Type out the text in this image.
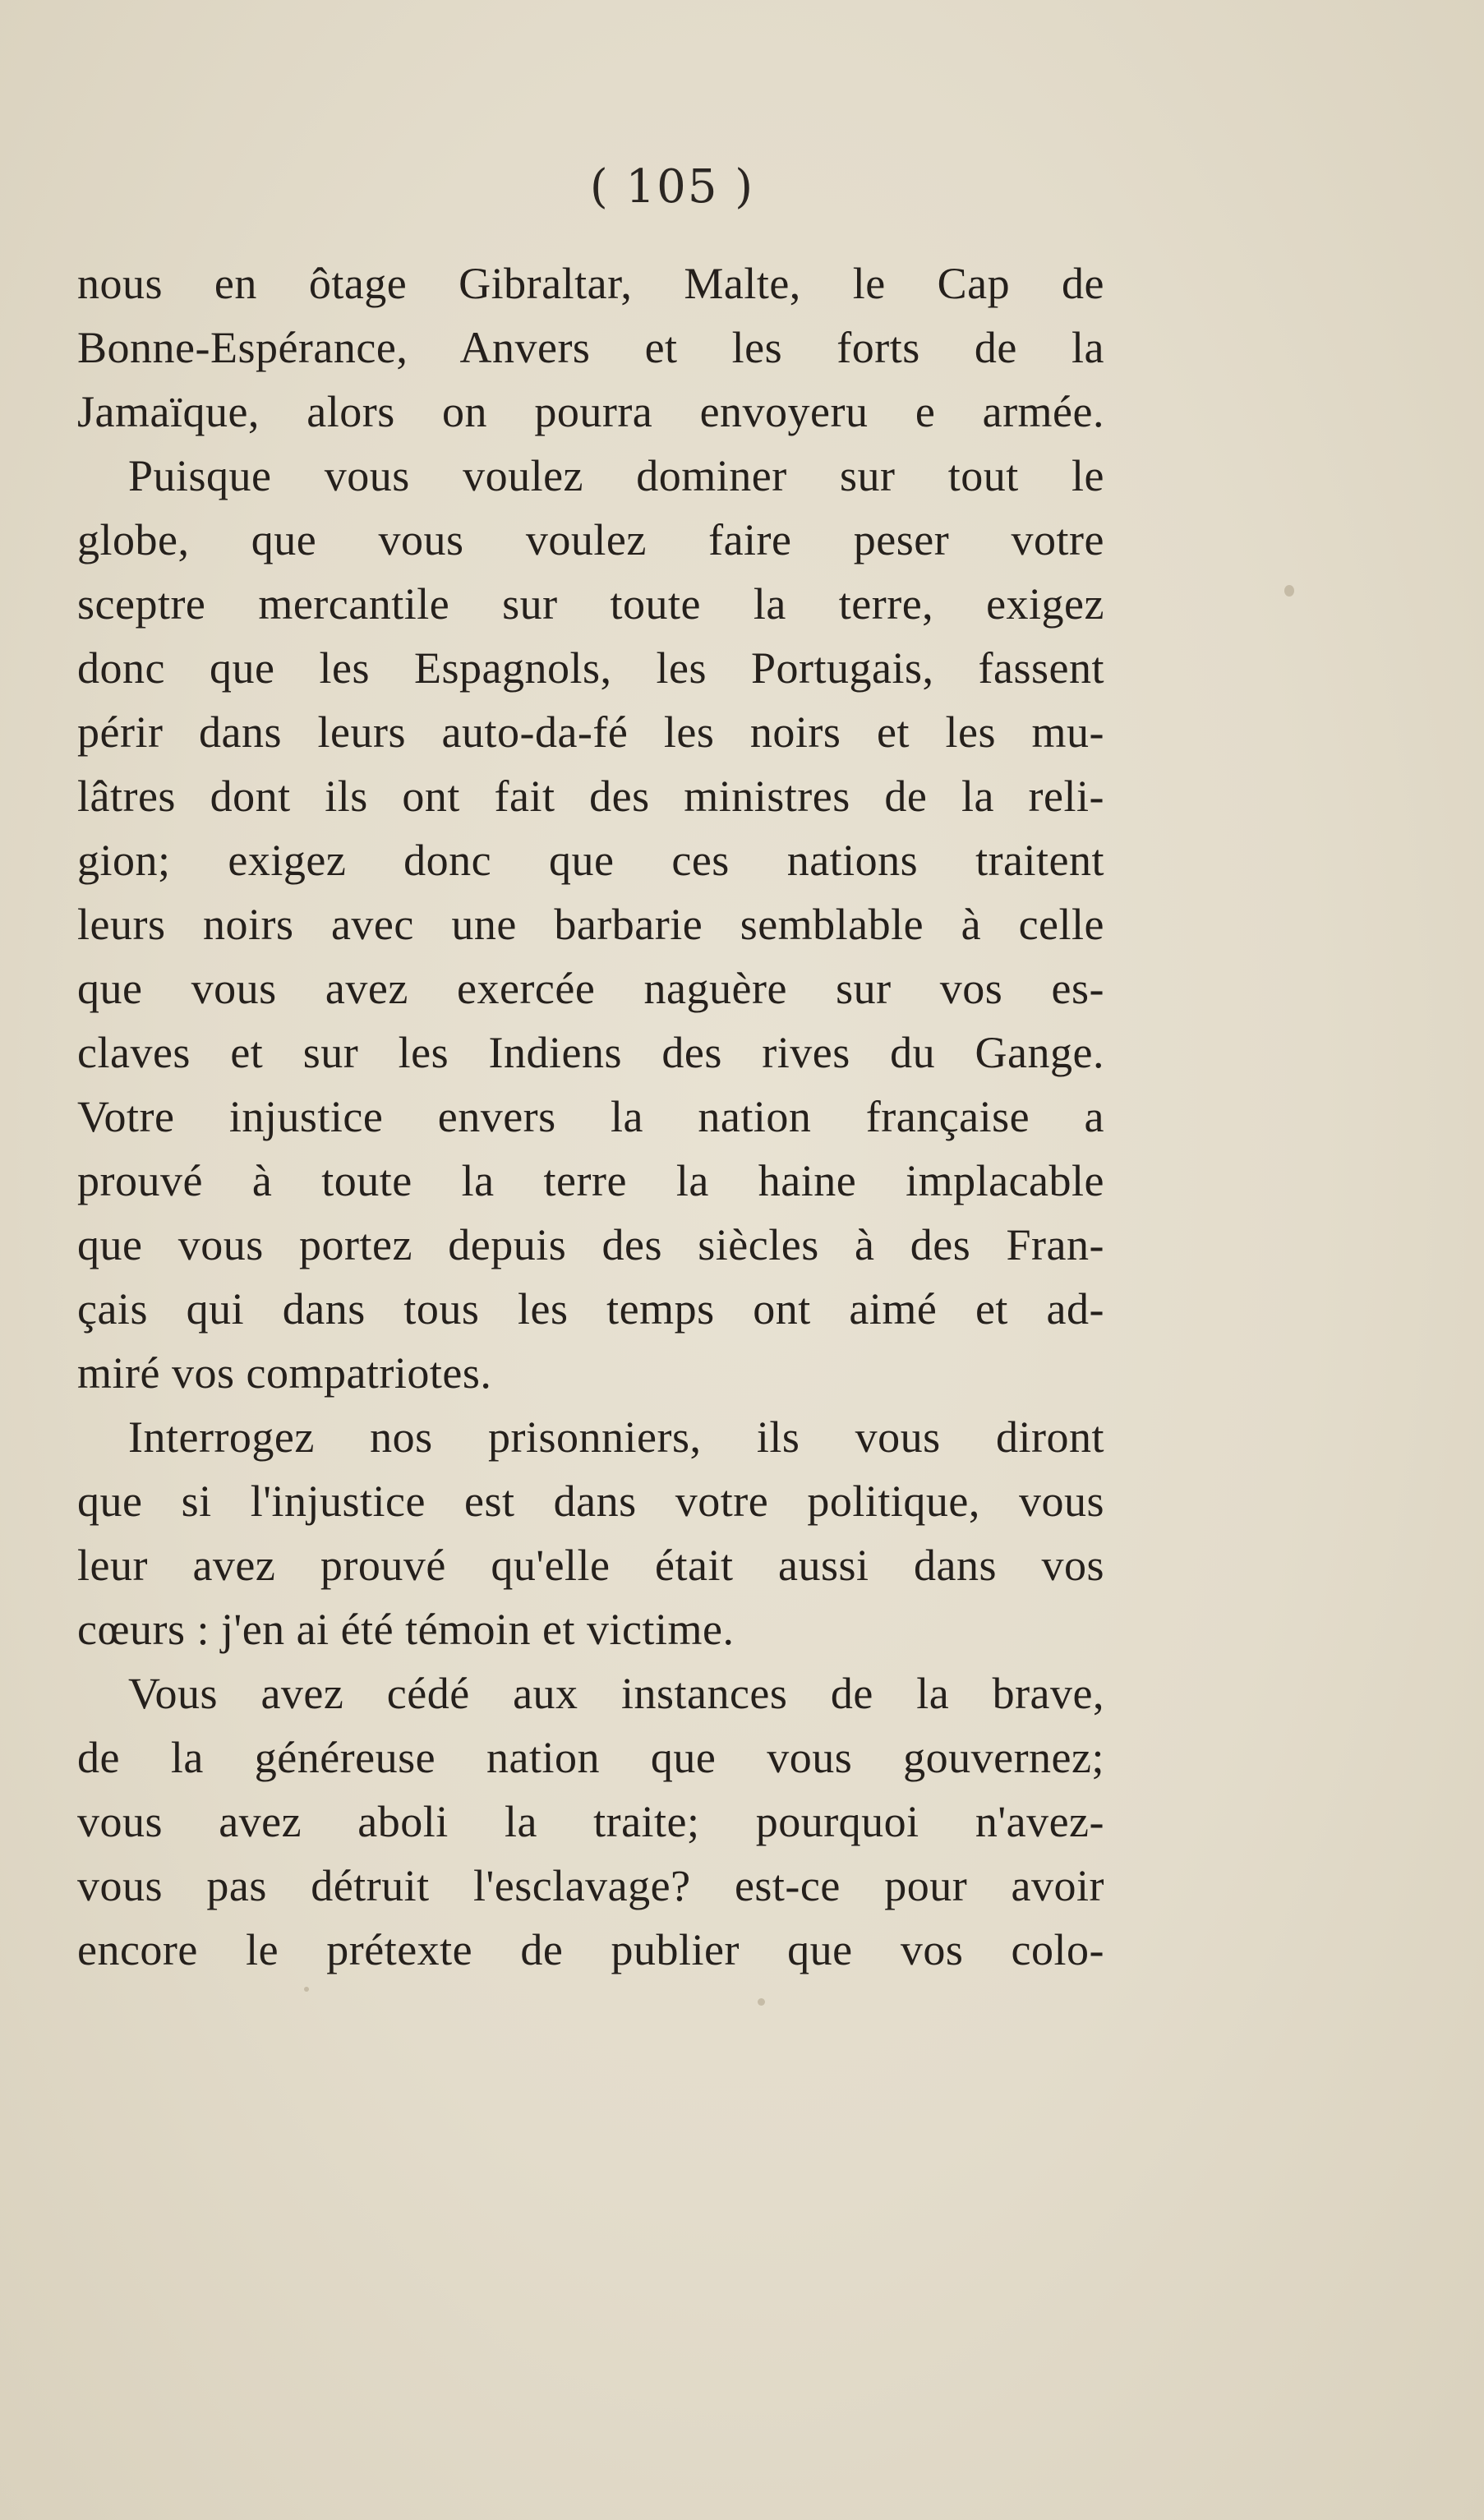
( 105 )
nous en ôtage Gibraltar, Malte, le Cap de
Bonne-Espérance, Anvers et les forts de la
Jamaïque, alors on pourra envoyeru e armée.
Puisque vous voulez dominer sur tout le
globe, que vous voulez faire peser votre
sceptre mercantile sur toute la terre, exigez
donc que les Espagnols, les Portugais, fassent
périr dans leurs auto-da-fé les noirs et les mu-
lâtres dont ils ont fait des ministres de la reli-
gion; exigez donc que ces nations traitent
leurs noirs avec une barbarie semblable à celle
que vous avez exercée naguère sur vos es-
claves et sur les Indiens des rives du Gange.
Votre injustice envers la nation française a
prouvé à toute la terre la haine implacable
que vous portez depuis des siècles à des Fran-
çais qui dans tous les temps ont aimé et ad-
miré vos compatriotes.
Interrogez nos prisonniers, ils vous diront
que si l'injustice est dans votre politique, vous
leur avez prouvé qu'elle était aussi dans vos
cœurs : j'en ai été témoin et victime.
Vous avez cédé aux instances de la brave,
de la généreuse nation que vous gouvernez;
vous avez aboli la traite; pourquoi n'avez-
vous pas détruit l'esclavage? est-ce pour avoir
encore le prétexte de publier que vos colo-
